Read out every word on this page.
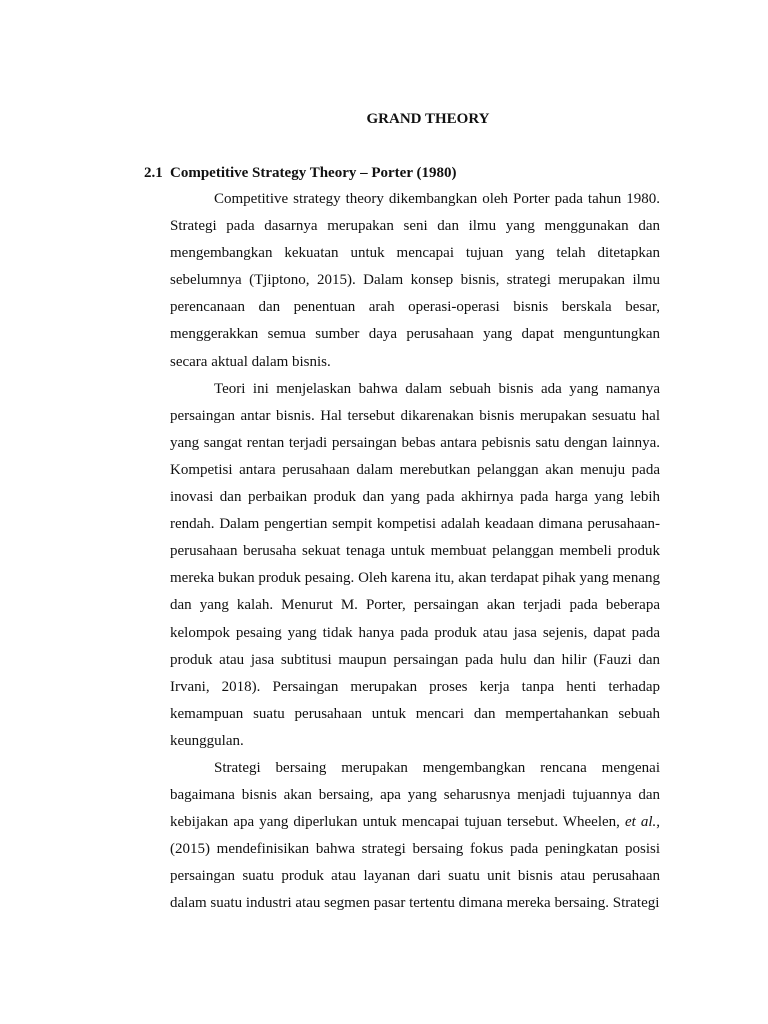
GRAND THEORY
2.1 Competitive Strategy Theory – Porter (1980)

Competitive strategy theory dikembangkan oleh Porter pada tahun 1980. Strategi pada dasarnya merupakan seni dan ilmu yang menggunakan dan mengembangkan kekuatan untuk mencapai tujuan yang telah ditetapkan sebelumnya (Tjiptono, 2015). Dalam konsep bisnis, strategi merupakan ilmu perencanaan dan penentuan arah operasi-operasi bisnis berskala besar, menggerakkan semua sumber daya perusahaan yang dapat menguntungkan secara aktual dalam bisnis.

Teori ini menjelaskan bahwa dalam sebuah bisnis ada yang namanya persaingan antar bisnis. Hal tersebut dikarenakan bisnis merupakan sesuatu hal yang sangat rentan terjadi persaingan bebas antara pebisnis satu dengan lainnya. Kompetisi antara perusahaan dalam merebutkan pelanggan akan menuju pada inovasi dan perbaikan produk dan yang pada akhirnya pada harga yang lebih rendah. Dalam pengertian sempit kompetisi adalah keadaan dimana perusahaan-perusahaan berusaha sekuat tenaga untuk membuat pelanggan membeli produk mereka bukan produk pesaing. Oleh karena itu, akan terdapat pihak yang menang dan yang kalah. Menurut M. Porter, persaingan akan terjadi pada beberapa kelompok pesaing yang tidak hanya pada produk atau jasa sejenis, dapat pada produk atau jasa subtitusi maupun persaingan pada hulu dan hilir (Fauzi dan Irvani, 2018). Persaingan merupakan proses kerja tanpa henti terhadap kemampuan suatu perusahaan untuk mencari dan mempertahankan sebuah keunggulan.

Strategi bersaing merupakan mengembangkan rencana mengenai bagaimana bisnis akan bersaing, apa yang seharusnya menjadi tujuannya dan kebijakan apa yang diperlukan untuk mencapai tujuan tersebut. Wheelen, et al., (2015) mendefinisikan bahwa strategi bersaing fokus pada peningkatan posisi persaingan suatu produk atau layanan dari suatu unit bisnis atau perusahaan dalam suatu industri atau segmen pasar tertentu dimana mereka bersaing. Strategi
